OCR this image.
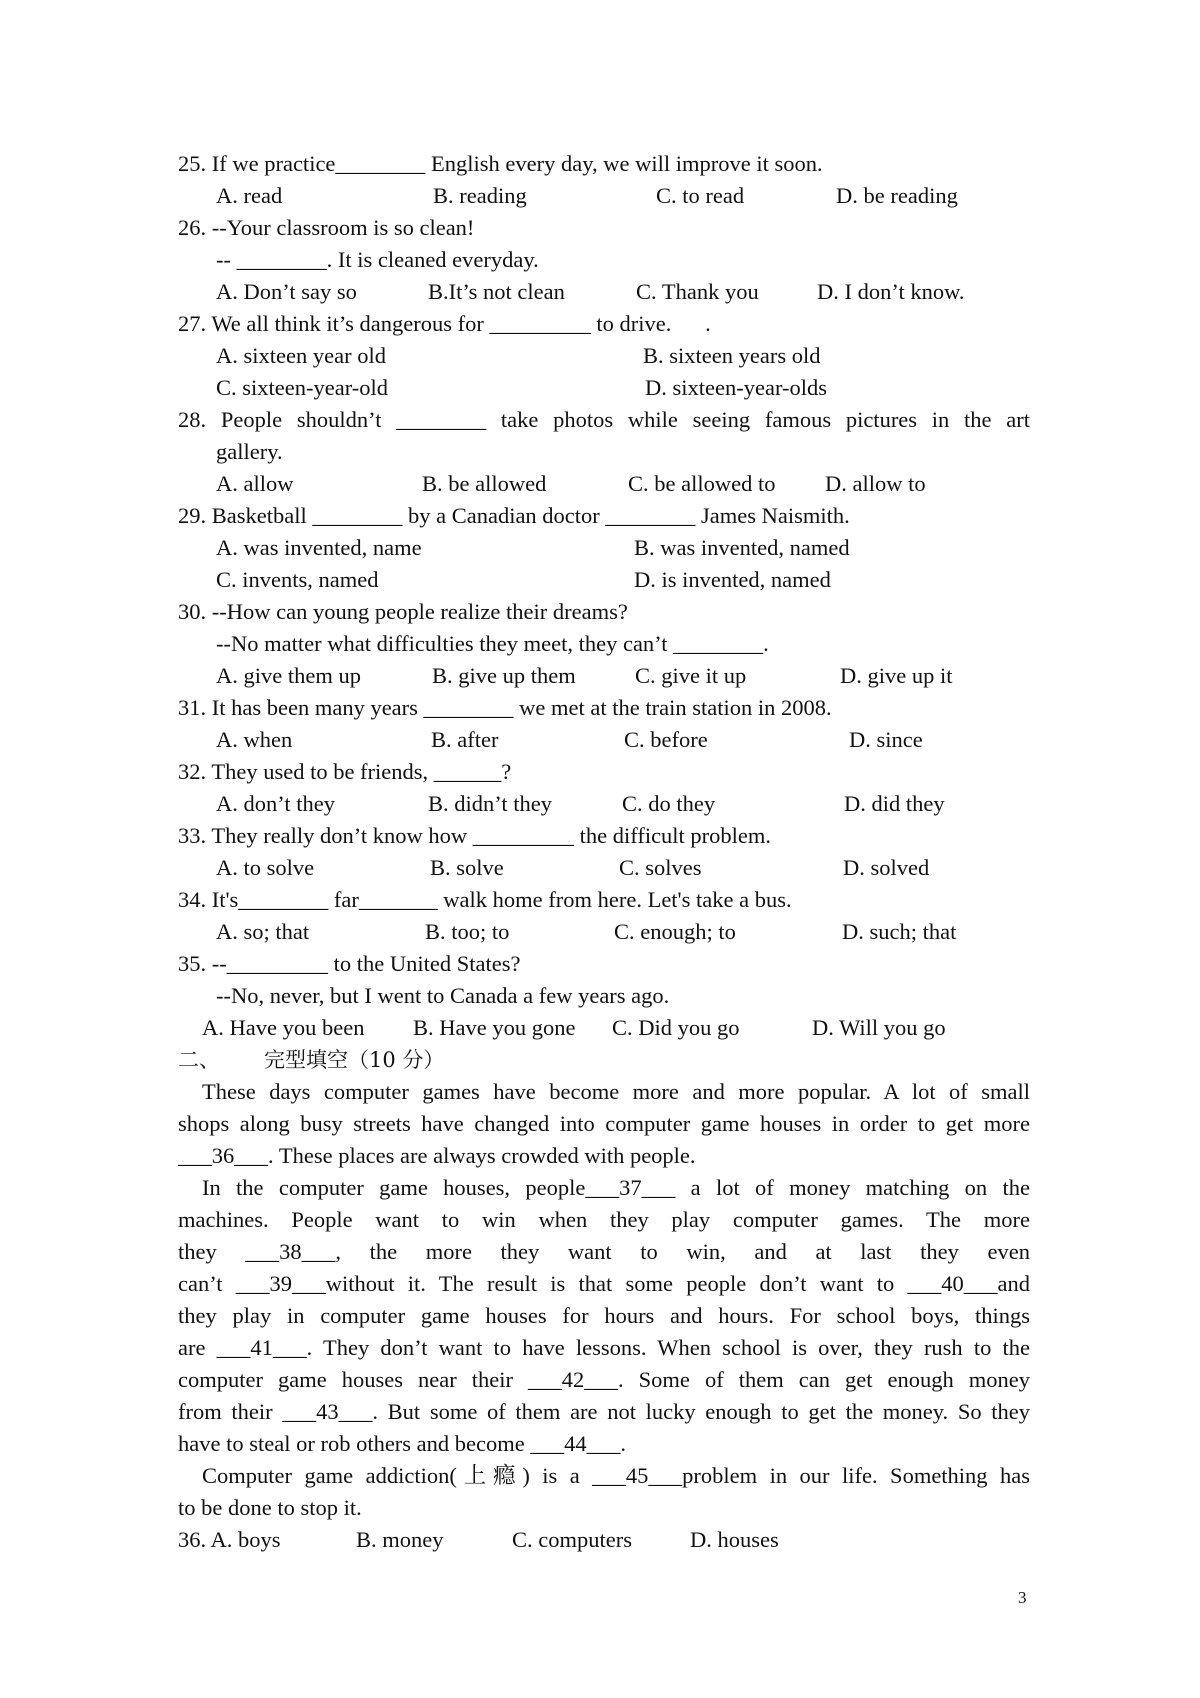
25. If we practice________ English every day, we will improve it soon.
A. read	B. reading	C. to read	D. be reading
26. --Your classroom is so clean!
-- ________. It is cleaned everyday.
A. Don’t say so	B.It’s not clean	C. Thank you	D. I don’t know.
27. We all think it’s dangerous for _________ to drive.      .
A. sixteen year old	B. sixteen years old
C. sixteen-year-old	D. sixteen-year-olds
28. People shouldn’t ________ take photos while seeing famous pictures in the art
gallery.
A. allow	B. be allowed	C. be allowed to	D. allow to
29. Basketball ________ by a Canadian doctor ________ James Naismith.
A. was invented, name	B. was invented, named
C. invents, named	D. is invented, named
30. --How can young people realize their dreams?
--No matter what difficulties they meet, they can’t ________.
A. give them up	B. give up them	C. give it up	D. give up it
31. It has been many years ________ we met at the train station in 2008.
A. when	B. after	C. before	D. since
32. They used to be friends, ______?
A. don’t they	B. didn’t they	C. do they	D. did they
33. They really don’t know how _________ the difficult problem.
A. to solve	B. solve	C. solves	D. solved
34. It's________ far_______ walk home from here. Let's take a bus.
A. so; that	B. too; to	C. enough; to	D. such; that
35. --_________ to the United States?
--No, never, but I went to Canada a few years ago.
A. Have you been	B. Have you gone	C. Did you go	D. Will you go
二、	完型填空（10 分）
These days computer games have become more and more popular. A lot of small
shops along busy streets have changed into computer game houses in order to get more
___36___. These places are always crowded with people.
In the computer game houses, people___37___ a lot of money matching on the
machines. People want to win when they play computer games. The more
they ___38___, the more they want to win, and at last they even
can’t ___39___without it. The result is that some people don’t want to ___40___and
they play in computer game houses for hours and hours. For school boys, things
are ___41___. They don’t want to have lessons. When school is over, they rush to the
computer game houses near their ___42___. Some of them can get enough money
from their ___43___. But some of them are not lucky enough to get the money. So they
have to steal or rob others and become ___44___.
Computer game addiction(上瘾) is a ___45___problem in our life. Something has
to be done to stop it.
36. A. boys	B. money	C. computers	D. houses
3
